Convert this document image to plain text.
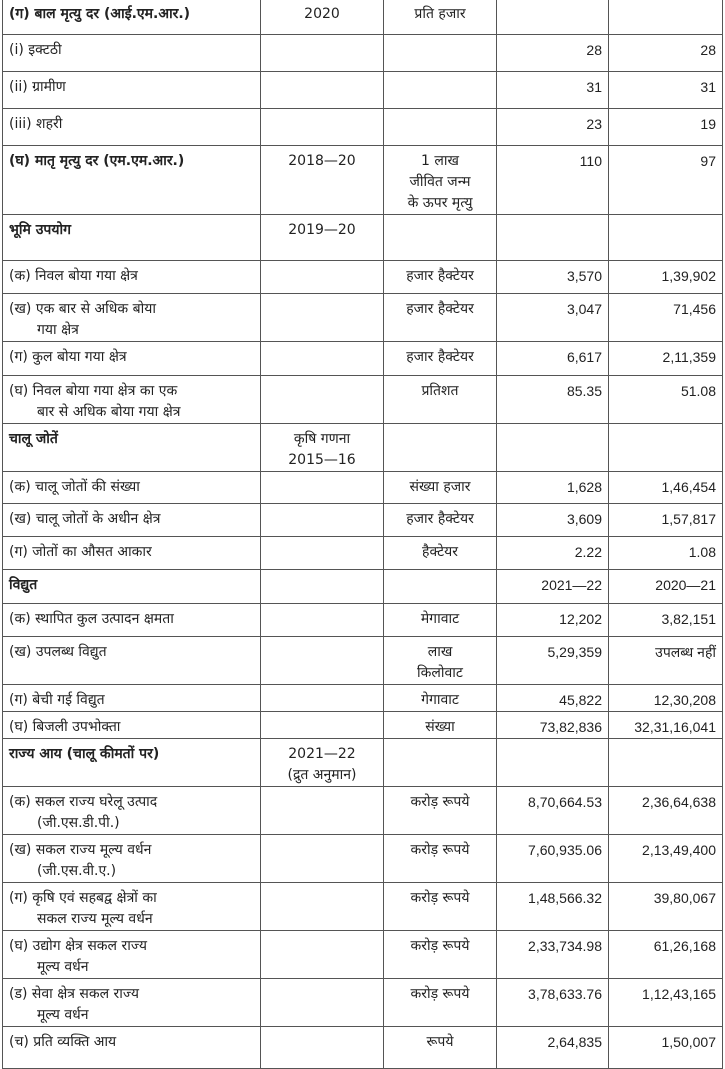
(ग) बाल मृत्यु दर (आई.एम.आर.)	2020	प्रति हजार		

(i) इक्टठी			28	28

(ii) ग्रामीण			31	31

(iii) शहरी			23	19

(घ) मातृ मृत्यु दर (एम.एम.आर.)	2018—20	1 लाख
जीवित जन्म
के ऊपर मृत्यु	110	97

भूमि उपयोग	2019—20			

(क) निवल बोया गया क्षेत्र		हजार हैक्टेयर	3,570	1,39,902

(ख) एक बार से अधिक बोया
गया क्षेत्र		हजार हैक्टेयर	3,047	71,456

(ग) कुल बोया गया क्षेत्र		हजार हैक्टेयर	6,617	2,11,359

(घ) निवल बोया गया क्षेत्र का एक
बार से अधिक बोया गया क्षेत्र		प्रतिशत	85.35	51.08

चालू जोतें	कृषि गणना
2015—16			

(क) चालू जोतों की संख्या		संख्या हजार	1,628	1,46,454

(ख) चालू जोतों के अधीन क्षेत्र		हजार हैक्टेयर	3,609	1,57,817

(ग) जोतों का औसत आकार		हैक्टेयर	2.22	1.08

विद्युत			2021—22	2020—21

(क) स्थापित कुल उत्पादन क्षमता		मेगावाट	12,202	3,82,151

(ख) उपलब्ध विद्युत		लाख
किलोवाट	5,29,359	उपलब्ध नहीं

(ग) बेची गई विद्युत		गेगावाट	45,822	12,30,208

(घ) बिजली उपभोक्ता		संख्या	73,82,836	32,31,16,041

राज्य आय (चालू कीमतों पर)	2021—22
(द्रुत अनुमान)			

(क) सकल राज्य घरेलू उत्पाद
(जी.एस.डी.पी.)		करोड़ रूपये	8,70,664.53	2,36,64,638

(ख) सकल राज्य मूल्य वर्धन
(जी.एस.वी.ए.)		करोड़ रूपये	7,60,935.06	2,13,49,400

(ग) कृषि एवं सहबद्व क्षेत्रों का
सकल राज्य मूल्य वर्धन		करोड़ रूपये	1,48,566.32	39,80,067

(घ) उद्योग क्षेत्र सकल राज्य
मूल्य वर्धन		करोड़ रूपये	2,33,734.98	61,26,168

(ड) सेवा क्षेत्र सकल राज्य
मूल्य वर्धन		करोड़ रूपये	3,78,633.76	1,12,43,165

(च) प्रति व्यक्ति आय		रूपये	2,64,835	1,50,007
